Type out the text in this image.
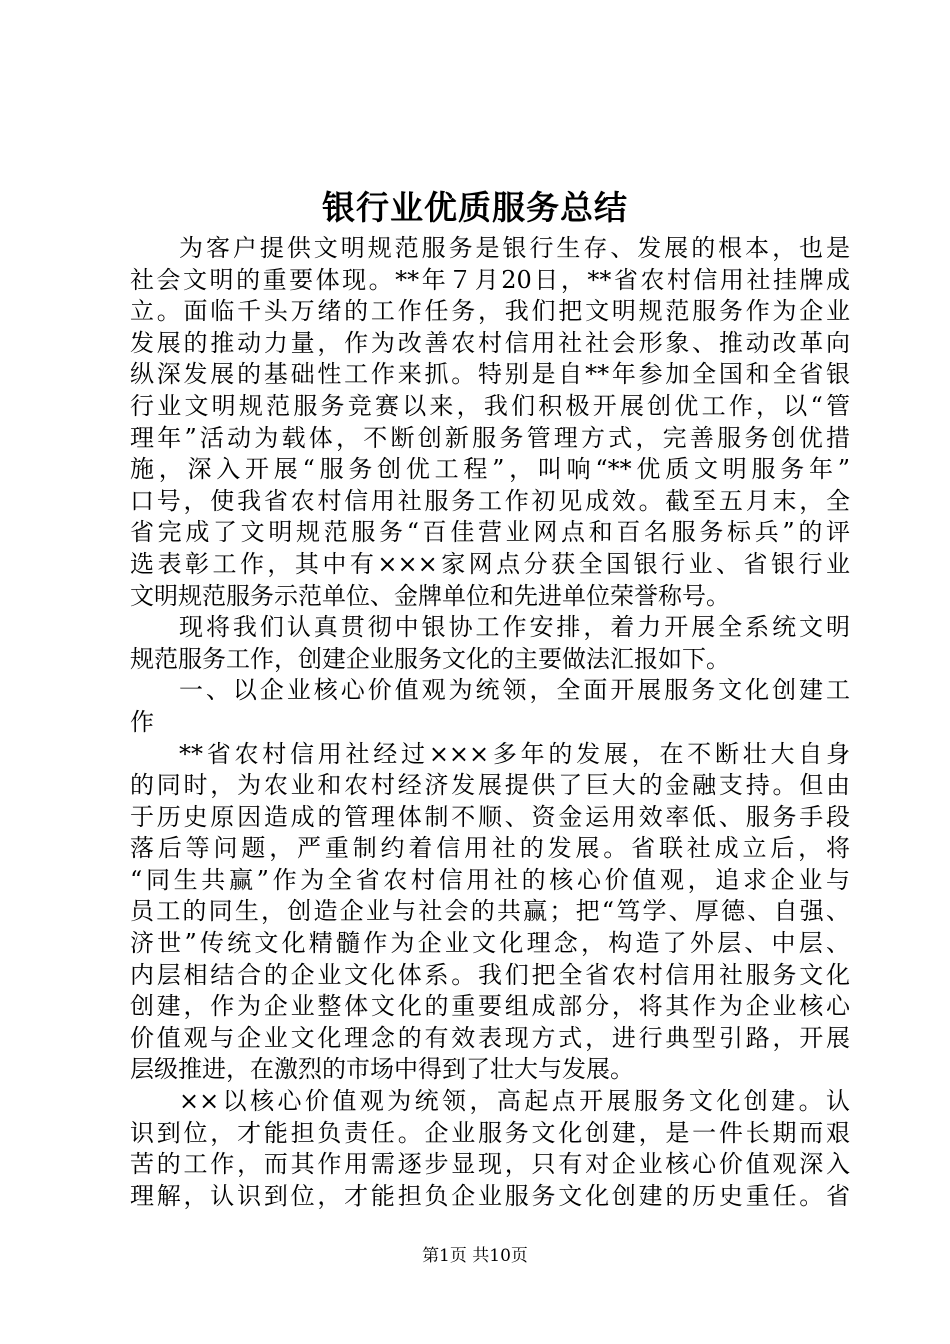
银行业优质服务总结
为客户提供文明规范服务是银行生存、发展的根本，也是
社会文明的重要体现。**年７月20日，**省农村信用社挂牌成
立。面临千头万绪的工作任务，我们把文明规范服务作为企业
发展的推动力量，作为改善农村信用社社会形象、推动改革向
纵深发展的基础性工作来抓。特别是自**年参加全国和全省银
行业文明规范服务竞赛以来，我们积极开展创优工作，以“管
理年”活动为载体，不断创新服务管理方式，完善服务创优措
施，深入开展“服务创优工程”，叫响“**优质文明服务年”
口号，使我省农村信用社服务工作初见成效。截至五月末，全
省完成了文明规范服务“百佳营业网点和百名服务标兵”的评
选表彰工作，其中有×××家网点分获全国银行业、省银行业
文明规范服务示范单位、金牌单位和先进单位荣誉称号。
现将我们认真贯彻中银协工作安排，着力开展全系统文明
规范服务工作，创建企业服务文化的主要做法汇报如下。
一、以企业核心价值观为统领，全面开展服务文化创建工
作
**省农村信用社经过×××多年的发展，在不断壮大自身
的同时，为农业和农村经济发展提供了巨大的金融支持。但由
于历史原因造成的管理体制不顺、资金运用效率低、服务手段
落后等问题，严重制约着信用社的发展。省联社成立后，将
“同生共赢”作为全省农村信用社的核心价值观，追求企业与
员工的同生，创造企业与社会的共赢；把“笃学、厚德、自强、
济世”传统文化精髓作为企业文化理念，构造了外层、中层、
内层相结合的企业文化体系。我们把全省农村信用社服务文化
创建，作为企业整体文化的重要组成部分，将其作为企业核心
价值观与企业文化理念的有效表现方式，进行典型引路，开展
层级推进，在激烈的市场中得到了壮大与发展。
××以核心价值观为统领，高起点开展服务文化创建。认
识到位，才能担负责任。企业服务文化创建，是一件长期而艰
苦的工作，而其作用需逐步显现，只有对企业核心价值观深入
理解，认识到位，才能担负企业服务文化创建的历史重任。省
第1页 共10页
